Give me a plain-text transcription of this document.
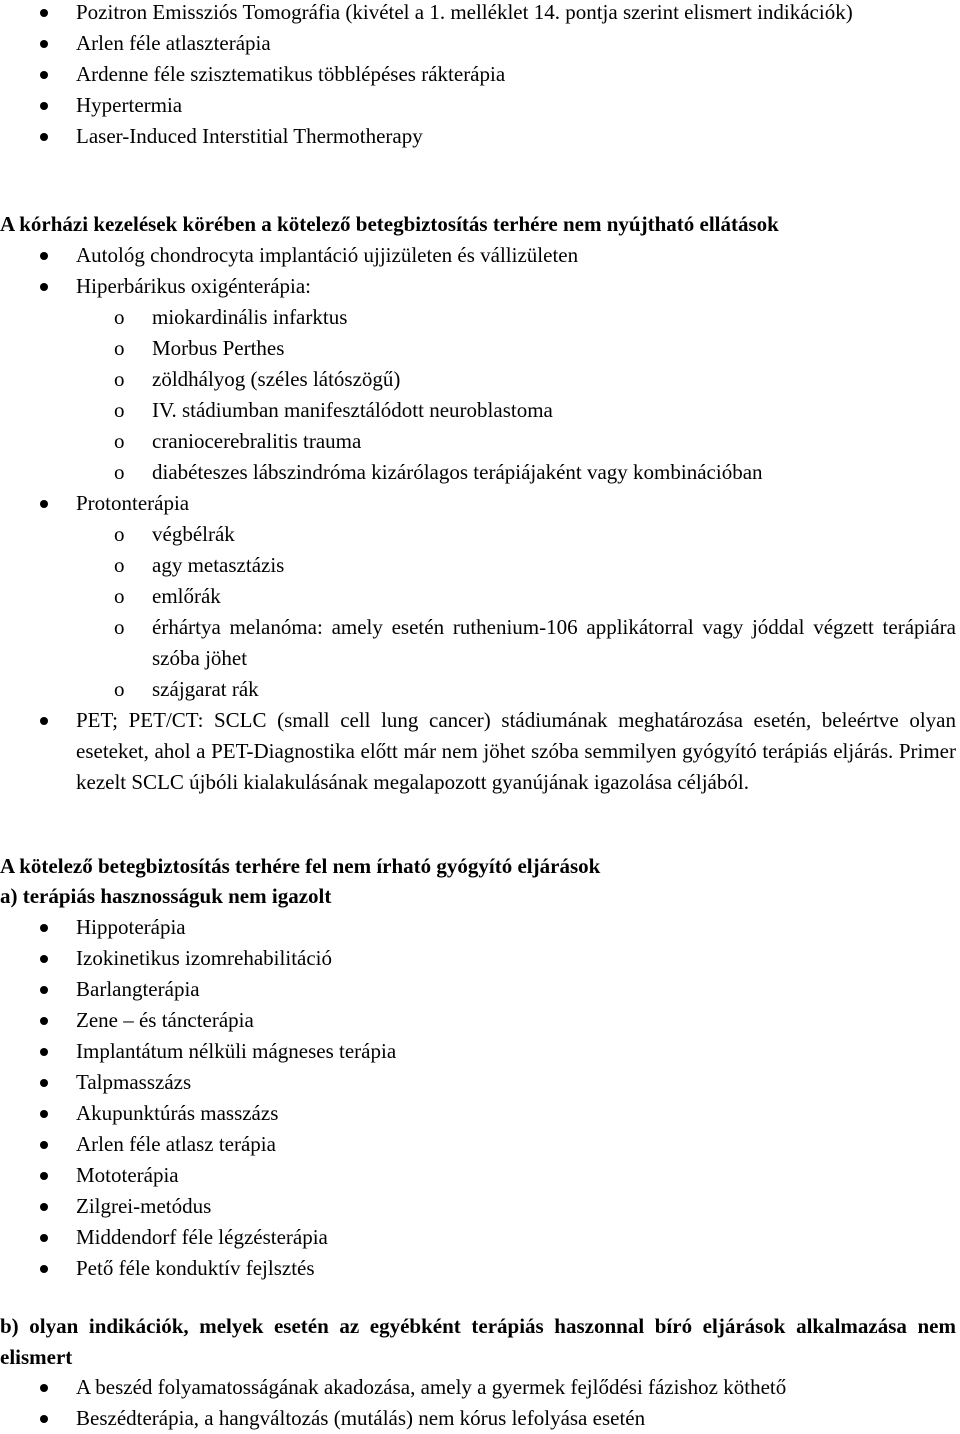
Pozitron Emissziós Tomográfia (kivétel a 1. melléklet 14. pontja szerint elismert indikációk)
Arlen féle atlaszterápia
Ardenne féle szisztematikus többlépéses rákterápia
Hypertermia
Laser-Induced Interstitial Thermotherapy
A kórházi kezelések körében a kötelező betegbiztosítás terhére nem nyújtható ellátások
Autológ chondrocyta implantáció ujjizületen és vállizületen
Hiperbárikus oxigénterápia:
o miokardinális infarktus
o Morbus Perthes
o zöldhályog (széles látószögű)
o IV. stádiumban manifesztálódott neuroblastoma
o craniocerebralitis trauma
o diabéteszes lábszindróma kizárólagos terápiájaként vagy kombinációban
Protonterápia
o végbélrák
o agy metasztázis
o emlőrák
o érhártya melanóma: amely esetén ruthenium-106 applikátorral vagy jóddal végzett terápiára szóba jöhet
o szájgarat rák
PET; PET/CT: SCLC (small cell lung cancer) stádiumának meghatározása esetén, beleértve olyan eseteket, ahol a PET-Diagnostika előtt már nem jöhet szóba semmilyen gyógyító terápiás eljárás. Primer kezelt SCLC újbóli kialakulásának megalapozott gyanújának igazolása céljából.
A kötelező betegbiztosítás terhére fel nem írható gyógyító eljárások
a) terápiás hasznosságuk nem igazolt
Hippoterápia
Izokinetikus izomrehabilitáció
Barlangterápia
Zene – és táncterápia
Implantátum nélküli mágneses terápia
Talpmasszázs
Akupunktúrás masszázs
Arlen féle atlasz terápia
Mototerápia
Zilgrei-metódus
Middendorf féle légzésterápia
Pető féle konduktív fejlsztés
b) olyan indikációk, melyek esetén az egyébként terápiás haszonnal bíró eljárások alkalmazása nem elismert
A beszéd folyamatosságának akadozása, amely a gyermek fejlődési fázishoz köthető
Beszédterápia, a hangváltozás (mutálás) nem kórus lefolyása esetén
